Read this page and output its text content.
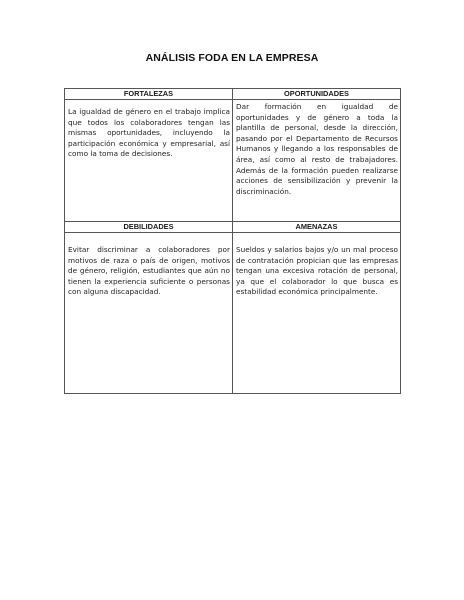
ANÁLISIS FODA EN LA EMPRESA
FORTALEZAS	OPORTUNIDADES
La igualdad de género en el trabajo implica que todos los colaboradores tengan las mismas oportunidades, incluyendo la participación económica y empresarial, así como la toma de decisiones.	Dar formación en igualdad de oportunidades y de género a toda la plantilla de personal, desde la dirección, pasando por el Departamento de Recursos Humanos y llegando a los responsables de área, así como al resto de trabajadores. Además de la formación pueden realizarse acciones de sensibilización y prevenir la discriminación.
DEBILIDADES	AMENAZAS
Evitar discriminar a colaboradores por motivos de raza o país de origen, motivos de género, religión, estudiantes que aún no tienen la experiencia suficiente o personas con alguna discapacidad.	Sueldos y salarios bajos y/o un mal proceso de contratación propician que las empresas tengan una excesiva rotación de personal, ya que el colaborador lo que busca es estabilidad económica principalmente.
